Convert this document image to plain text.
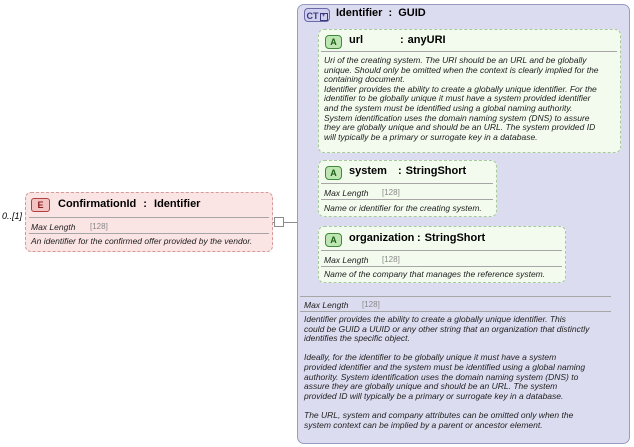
0..[1]
E	ConfirmationId : Identifier
Max Length [128]
An identifier for the confirmed offer provided by the vendor.
CT + Identifier : GUID
A	url	: anyURI
Uri of the creating system. The URI should be an URL and be globally
unique. Should only be omitted when the context is clearly implied for the
containing document.
Identifier provides the ability to create a globally unique identifier. For the
identifier to be globally unique it must have a system provided identifier
and the system must be identified using a global naming authority.
System identification uses the domain naming system (DNS) to assure
they are globally unique and should be an URL. The system provided ID
will typically be a primary or surrogate key in a database.
A	system : StringShort
Max Length [128]
Name or identifier for the creating system.
A	organization : StringShort
Max Length [128]
Name of the company that manages the reference system.
Max Length [128]
Identifier provides the ability to create a globally unique identifier. This
could be GUID a UUID or any other string that an organization that distinctly
identifies the specific object.
Ideally, for the identifier to be globally unique it must have a system
provided identifier and the system must be identified using a global naming
authority. System identification uses the domain naming system (DNS) to
assure they are globally unique and should be an URL. The system
provided ID will typically be a primary or surrogate key in a database.
The URL, system and company attributes can be omitted only when the
system context can be implied by a parent or ancestor element.
